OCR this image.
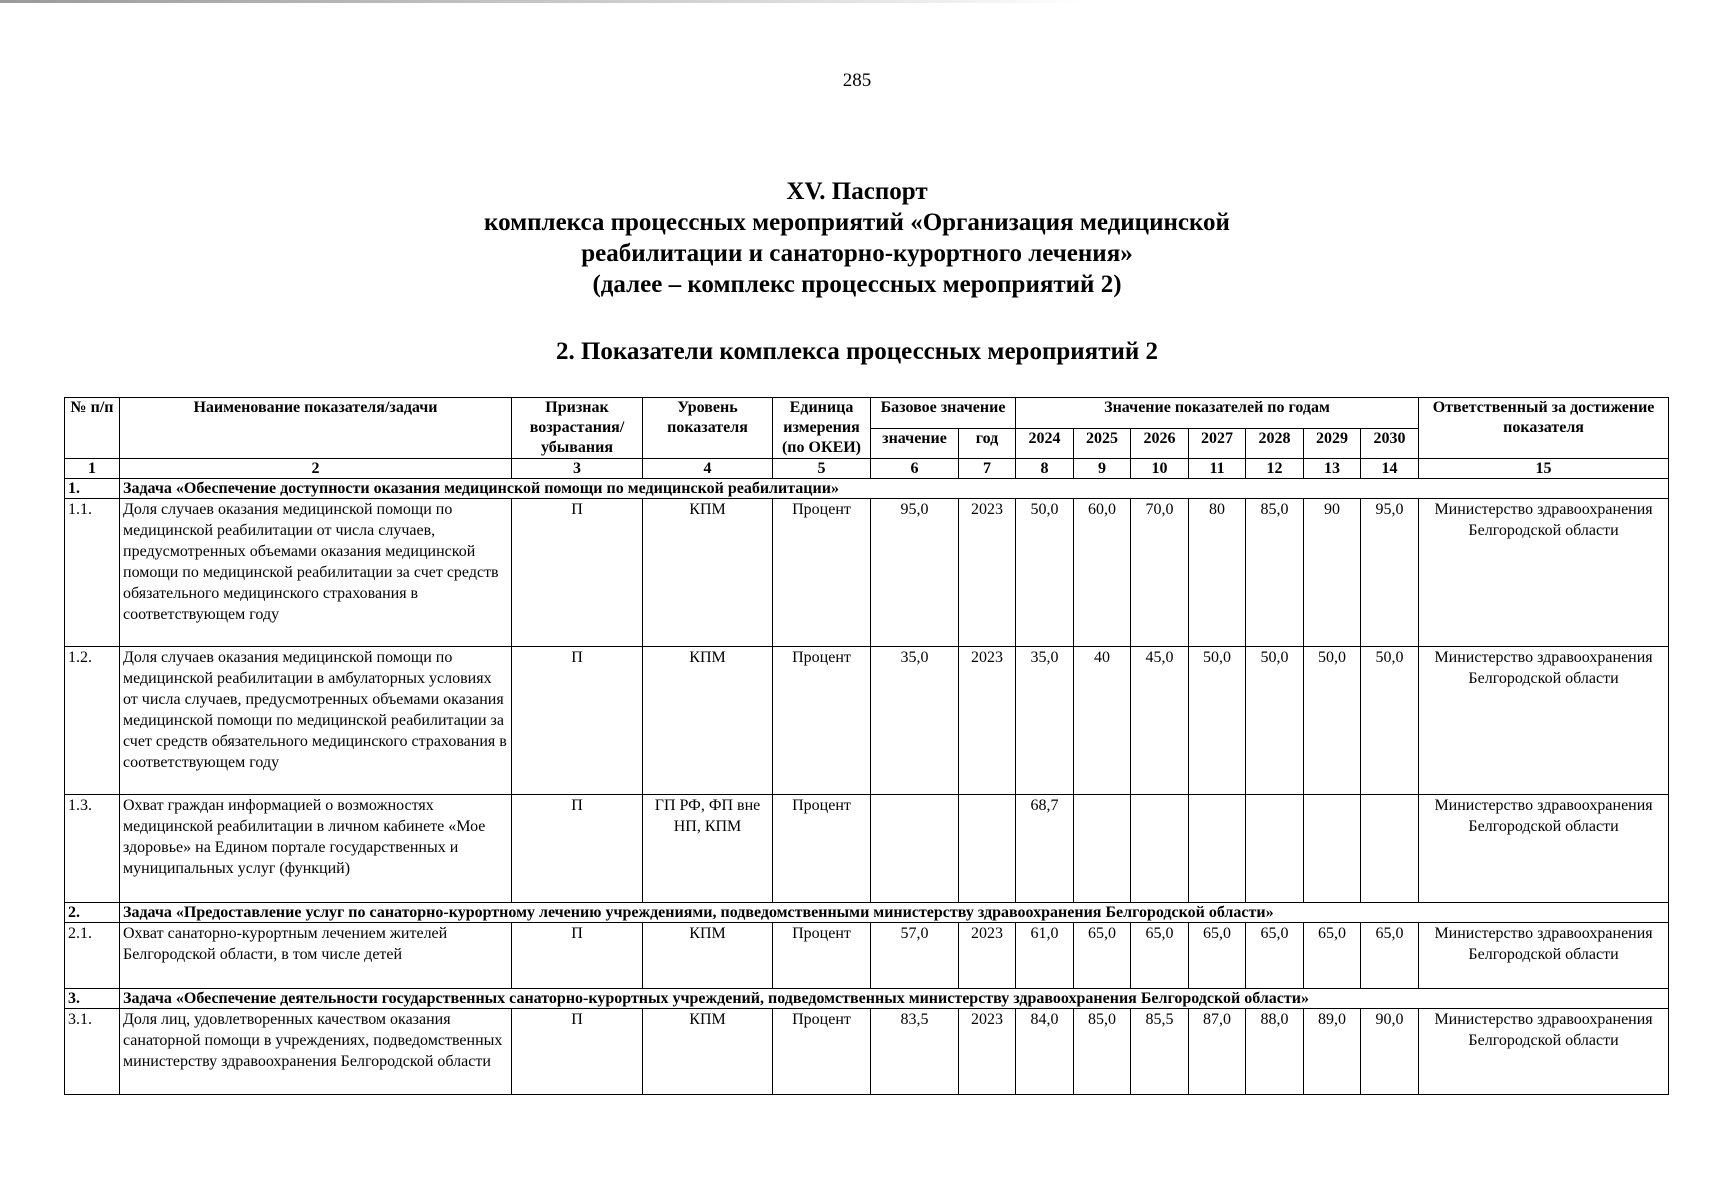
285
XV. Паспорт
комплекса процессных мероприятий «Организация медицинской
реабилитации и санаторно-курортного лечения»
(далее – комплекс процессных мероприятий 2)
2. Показатели комплекса процессных мероприятий 2
№ п/п	Наименование показателя/задачи	Признак возрастания/ убывания	Уровень показателя	Единица измерения (по ОКЕИ)	Базовое значение		Значение показателей по годам							Ответственный за достижение показателя
					значение	год	2024	2025	2026	2027	2028	2029	2030	
1	2	3	4	5	6	7	8	9	10	11	12	13	14	15
1.	Задача «Обеспечение доступности оказания медицинской помощи по медицинской реабилитации»													
1.1.	Доля случаев оказания медицинской помощи по медицинской реабилитации от числа случаев, предусмотренных объемами оказания медицинской помощи по медицинской реабилитации за счет средств обязательного медицинского страхования в соответствующем году	П	КПМ	Процент	95,0	2023	50,0	60,0	70,0	80	85,0	90	95,0	Министерство здравоохранения Белгородской области
1.2.	Доля случаев оказания медицинской помощи по медицинской реабилитации в амбулаторных условиях от числа случаев, предусмотренных объемами оказания медицинской помощи по медицинской реабилитации за счет средств обязательного медицинского страхования в соответствующем году	П	КПМ	Процент	35,0	2023	35,0	40	45,0	50,0	50,0	50,0	50,0	Министерство здравоохранения Белгородской области
1.3.	Охват граждан информацией о возможностях медицинской реабилитации в личном кабинете «Мое здоровье» на Едином портале государственных и муниципальных услуг (функций)	П	ГП РФ, ФП вне НП, КПМ	Процент			68,7							Министерство здравоохранения Белгородской области
2.	Задача «Предоставление услуг по санаторно-курортному лечению учреждениями, подведомственными министерству здравоохранения Белгородской области»													
2.1.	Охват санаторно-курортным лечением жителей Белгородской области, в том числе детей	П	КПМ	Процент	57,0	2023	61,0	65,0	65,0	65,0	65,0	65,0	65,0	Министерство здравоохранения Белгородской области
3.	Задача «Обеспечение деятельности государственных санаторно-курортных учреждений, подведомственных министерству здравоохранения Белгородской области»													
3.1.	Доля лиц, удовлетворенных качеством оказания санаторной помощи в учреждениях, подведомственных министерству здравоохранения Белгородской области	П	КПМ	Процент	83,5	2023	84,0	85,0	85,5	87,0	88,0	89,0	90,0	Министерство здравоохранения Белгородской области
